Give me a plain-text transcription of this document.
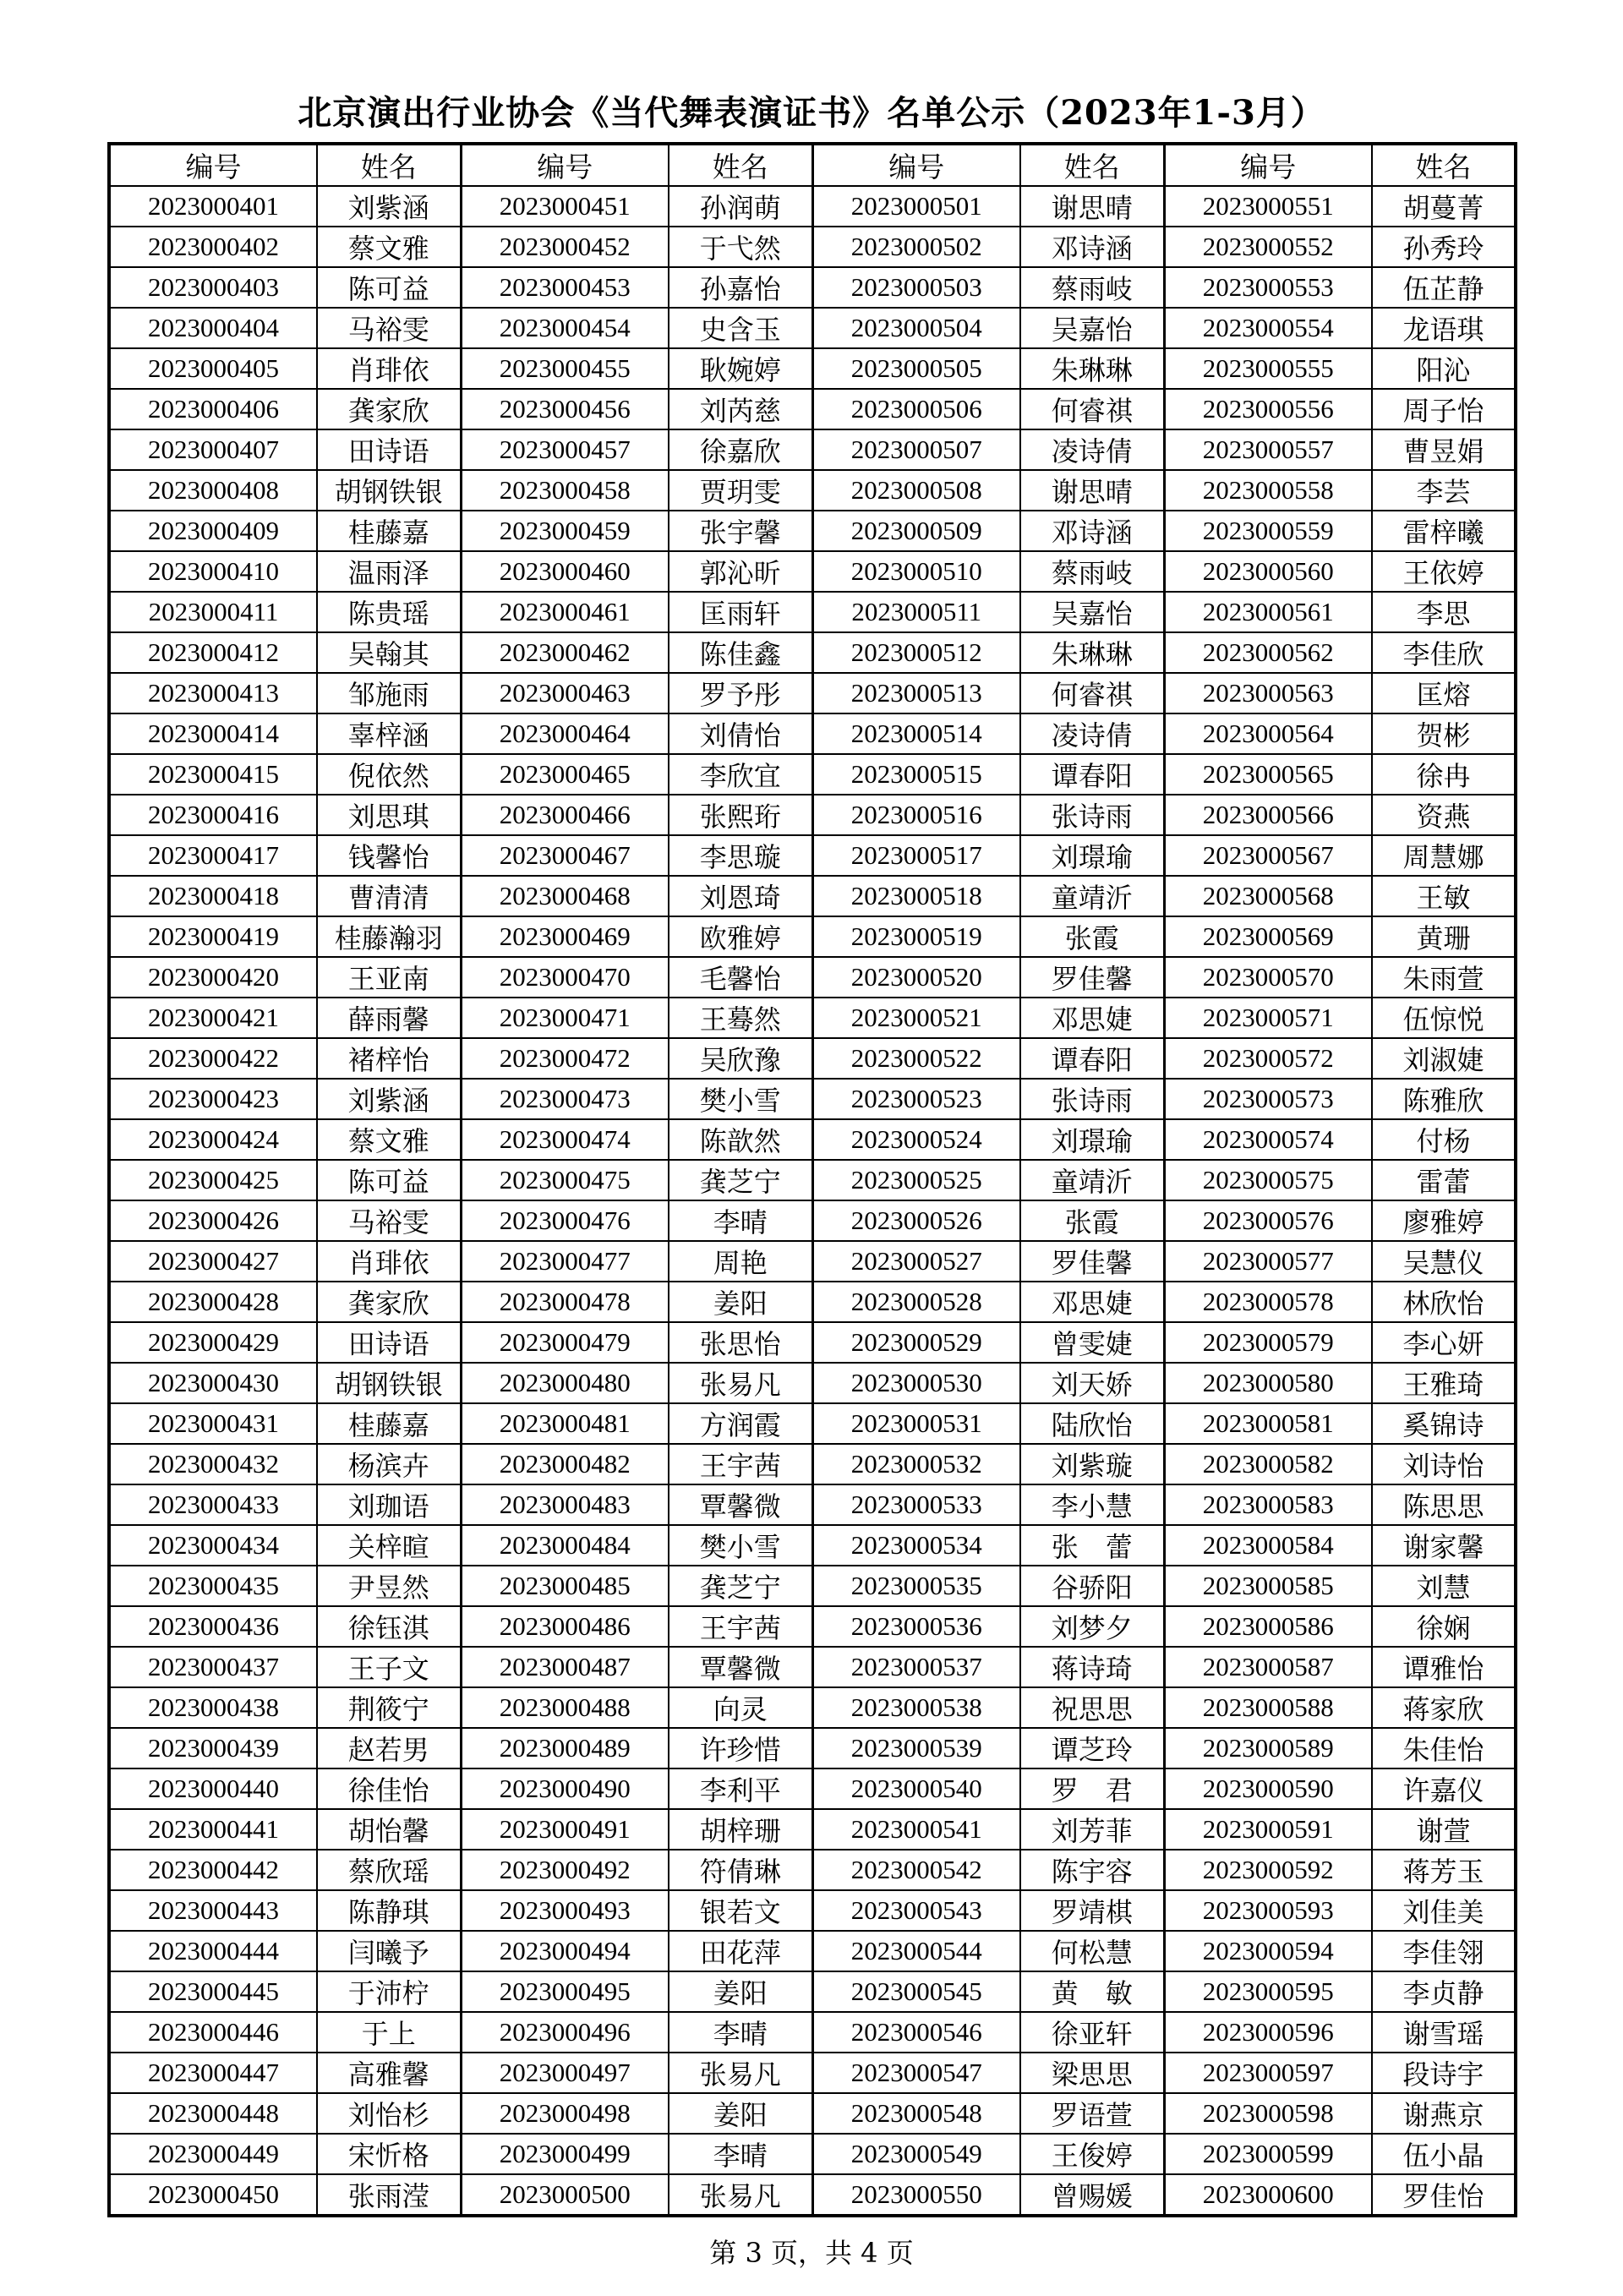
北京演出行业协会《当代舞表演证书》名单公示（2023年1-3月）
编号	姓名	编号	姓名	编号	姓名	编号	姓名
2023000401	刘紫涵	2023000451	孙润萌	2023000501	谢思晴	2023000551	胡蔓菁
2023000402	蔡文雅	2023000452	于弋然	2023000502	邓诗涵	2023000552	孙秀玲
2023000403	陈可益	2023000453	孙嘉怡	2023000503	蔡雨岐	2023000553	伍芷静
2023000404	马裕雯	2023000454	史含玉	2023000504	吴嘉怡	2023000554	龙语琪
2023000405	肖琲依	2023000455	耿婉婷	2023000505	朱琳琳	2023000555	阳沁
2023000406	龚家欣	2023000456	刘芮慈	2023000506	何睿祺	2023000556	周子怡
2023000407	田诗语	2023000457	徐嘉欣	2023000507	凌诗倩	2023000557	曹昱娟
2023000408	胡钢铁银	2023000458	贾玥雯	2023000508	谢思晴	2023000558	李芸
2023000409	桂藤嘉	2023000459	张宇馨	2023000509	邓诗涵	2023000559	雷梓曦
2023000410	温雨泽	2023000460	郭沁昕	2023000510	蔡雨岐	2023000560	王依婷
2023000411	陈贵瑶	2023000461	匡雨轩	2023000511	吴嘉怡	2023000561	李思
2023000412	吴翰其	2023000462	陈佳鑫	2023000512	朱琳琳	2023000562	李佳欣
2023000413	邹施雨	2023000463	罗予彤	2023000513	何睿祺	2023000563	匡熔
2023000414	辜梓涵	2023000464	刘倩怡	2023000514	凌诗倩	2023000564	贺彬
2023000415	倪依然	2023000465	李欣宜	2023000515	谭春阳	2023000565	徐冉
2023000416	刘思琪	2023000466	张熙珩	2023000516	张诗雨	2023000566	资燕
2023000417	钱馨怡	2023000467	李思璇	2023000517	刘璟瑜	2023000567	周慧娜
2023000418	曹清清	2023000468	刘恩琦	2023000518	童靖沂	2023000568	王敏
2023000419	桂藤瀚羽	2023000469	欧雅婷	2023000519	张霞	2023000569	黄珊
2023000420	王亚南	2023000470	毛馨怡	2023000520	罗佳馨	2023000570	朱雨萱
2023000421	薛雨馨	2023000471	王蓦然	2023000521	邓思婕	2023000571	伍惊悦
2023000422	褚梓怡	2023000472	吴欣豫	2023000522	谭春阳	2023000572	刘淑婕
2023000423	刘紫涵	2023000473	樊小雪	2023000523	张诗雨	2023000573	陈雅欣
2023000424	蔡文雅	2023000474	陈歆然	2023000524	刘璟瑜	2023000574	付杨
2023000425	陈可益	2023000475	龚芝宁	2023000525	童靖沂	2023000575	雷蕾
2023000426	马裕雯	2023000476	李晴	2023000526	张霞	2023000576	廖雅婷
2023000427	肖琲依	2023000477	周艳	2023000527	罗佳馨	2023000577	吴慧仪
2023000428	龚家欣	2023000478	姜阳	2023000528	邓思婕	2023000578	林欣怡
2023000429	田诗语	2023000479	张思怡	2023000529	曾雯婕	2023000579	李心妍
2023000430	胡钢铁银	2023000480	张易凡	2023000530	刘天娇	2023000580	王雅琦
2023000431	桂藤嘉	2023000481	方润霞	2023000531	陆欣怡	2023000581	奚锦诗
2023000432	杨滨卉	2023000482	王宇茜	2023000532	刘紫璇	2023000582	刘诗怡
2023000433	刘珈语	2023000483	覃馨微	2023000533	李小慧	2023000583	陈思思
2023000434	关梓暄	2023000484	樊小雪	2023000534	张　蕾	2023000584	谢家馨
2023000435	尹昱然	2023000485	龚芝宁	2023000535	谷骄阳	2023000585	刘慧
2023000436	徐钰淇	2023000486	王宇茜	2023000536	刘梦夕	2023000586	徐娴
2023000437	王子文	2023000487	覃馨微	2023000537	蒋诗琦	2023000587	谭雅怡
2023000438	荆筱宁	2023000488	向灵	2023000538	祝思思	2023000588	蒋家欣
2023000439	赵若男	2023000489	许珍惜	2023000539	谭芝玲	2023000589	朱佳怡
2023000440	徐佳怡	2023000490	李利平	2023000540	罗　君	2023000590	许嘉仪
2023000441	胡怡馨	2023000491	胡梓珊	2023000541	刘芳菲	2023000591	谢萱
2023000442	蔡欣瑶	2023000492	符倩琳	2023000542	陈宇容	2023000592	蒋芳玉
2023000443	陈静琪	2023000493	银若文	2023000543	罗靖棋	2023000593	刘佳美
2023000444	闫曦予	2023000494	田花萍	2023000544	何松慧	2023000594	李佳翎
2023000445	于沛柠	2023000495	姜阳	2023000545	黄　敏	2023000595	李贞静
2023000446	于上	2023000496	李晴	2023000546	徐亚轩	2023000596	谢雪瑶
2023000447	高雅馨	2023000497	张易凡	2023000547	梁思思	2023000597	段诗宇
2023000448	刘怡杉	2023000498	姜阳	2023000548	罗语萱	2023000598	谢燕京
2023000449	宋忻格	2023000499	李晴	2023000549	王俊婷	2023000599	伍小晶
2023000450	张雨滢	2023000500	张易凡	2023000550	曾赐媛	2023000600	罗佳怡
第 3 页，共 4 页
